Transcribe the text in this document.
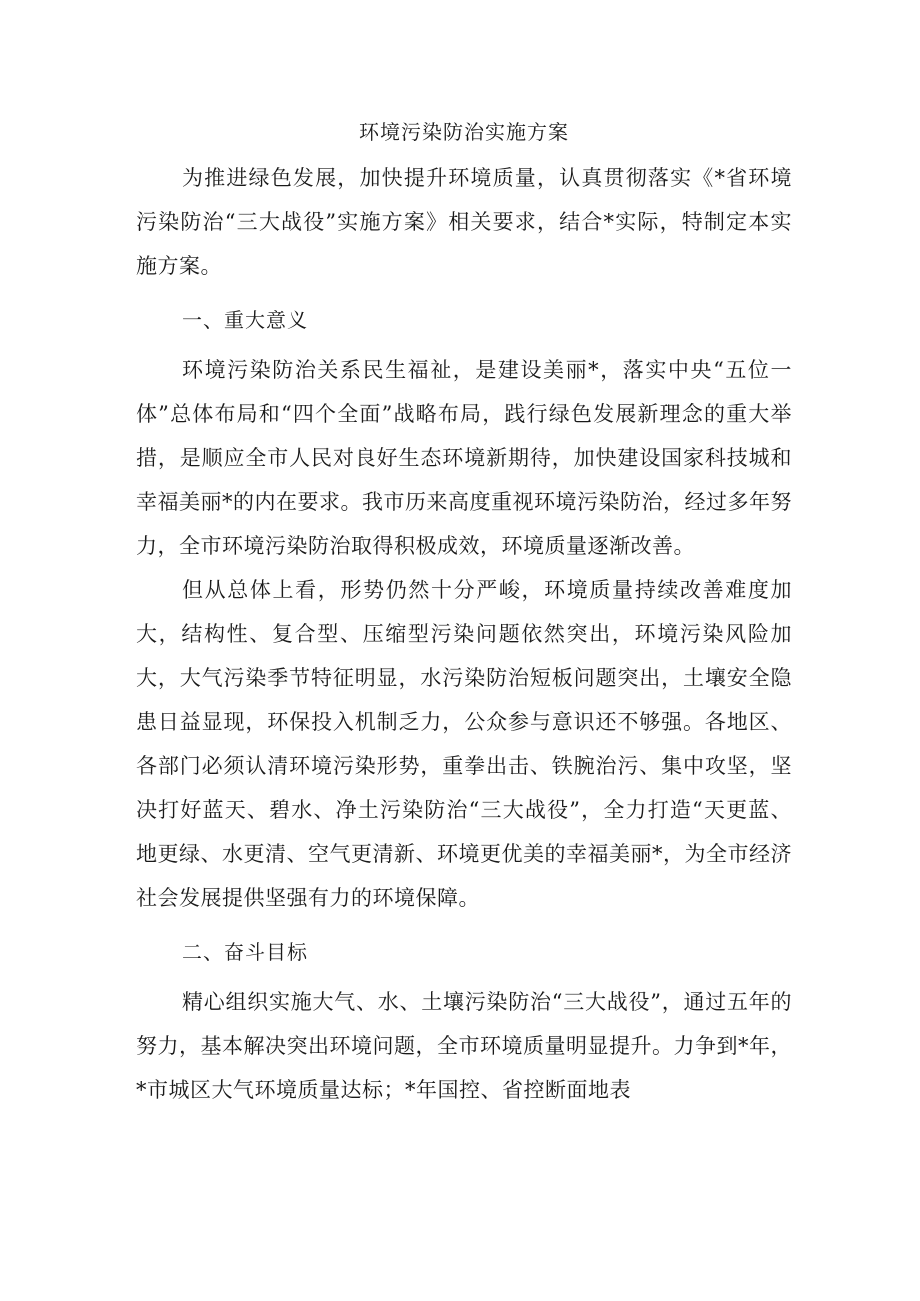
环境污染防治实施方案

为推进绿色发展，加快提升环境质量，认真贯彻落实《*省环境污染防治“三大战役”实施方案》相关要求，结合*实际，特制定本实施方案。

一、重大意义

环境污染防治关系民生福祉，是建设美丽*，落实中央“五位一体”总体布局和“四个全面”战略布局，践行绿色发展新理念的重大举措，是顺应全市人民对良好生态环境新期待，加快建设国家科技城和幸福美丽*的内在要求。我市历来高度重视环境污染防治，经过多年努力，全市环境污染防治取得积极成效，环境质量逐渐改善。

但从总体上看，形势仍然十分严峻，环境质量持续改善难度加大，结构性、复合型、压缩型污染问题依然突出，环境污染风险加大，大气污染季节特征明显，水污染防治短板问题突出，土壤安全隐患日益显现，环保投入机制乏力，公众参与意识还不够强。各地区、各部门必须认清环境污染形势，重拳出击、铁腕治污、集中攻坚，坚决打好蓝天、碧水、净土污染防治“三大战役”，全力打造“天更蓝、地更绿、水更清、空气更清新、环境更优美的幸福美丽*，为全市经济社会发展提供坚强有力的环境保障。

二、奋斗目标

精心组织实施大气、水、土壤污染防治“三大战役”，通过五年的努力，基本解决突出环境问题，全市环境质量明显提升。力争到*年，*市城区大气环境质量达标；*年国控、省控断面地表
